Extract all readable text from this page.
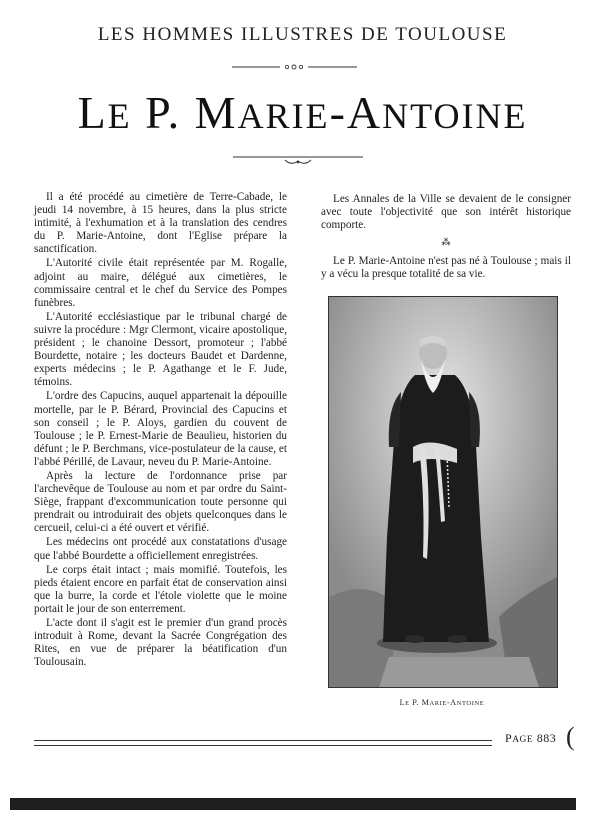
LES HOMMES ILLUSTRES DE TOULOUSE
LE P. MARIE-ANTOINE

Il a été procédé au cimetière de Terre-Cabade, le jeudi 14 novembre, à 15 heures, dans la plus stricte intimité, à l'exhumation et à la translation des cendres du P. Marie-Antoine, dont l'Eglise prépare la sanctification.

L'Autorité civile était représentée par M. Rogalle, adjoint au maire, délégué aux cimetières, le commissaire central et le chef du Service des Pompes funèbres.

L'Autorité ecclésiastique par le tribunal chargé de suivre la procédure : Mgr Clermont, vicaire apostolique, président ; le chanoine Dessort, promoteur ; l'abbé Bourdette, notaire ; les docteurs Baudet et Dardenne, experts médecins ; le P. Agathange et le F. Jude, témoins.

L'ordre des Capucins, auquel appartenait la dépouille mortelle, par le P. Bérard, Provincial des Capucins et son conseil ; le P. Aloys, gardien du couvent de Toulouse ; le P. Ernest-Marie de Beaulieu, historien du défunt ; le P. Berchmans, vice-postulateur de la cause, et l'abbé Périllé, de Lavaur, neveu du P. Marie-Antoine.

Après la lecture de l'ordonnance prise par l'archevêque de Toulouse au nom et par ordre du Saint-Siège, frappant d'excommunication toute personne qui prendrait ou introduirait des objets quelconques dans le cercueil, celui-ci a été ouvert et vérifié.

Les médecins ont procédé aux constatations d'usage que l'abbé Bourdette a officiellement enregistrées.

Le corps était intact ; mais momifié. Toutefois, les pieds étaient encore en parfait état de conservation ainsi que la burre, la corde et l'étole violette que le moine portait le jour de son enterrement.

L'acte dont il s'agit est le premier d'un grand procès introduit à Rome, devant la Sacrée Congrégation des Rites, en vue de préparer la béatification d'un Toulousain.

Les Annales de la Ville se devaient de le consigner avec toute l'objectivité que son intérêt historique comporte.

⁂

Le P. Marie-Antoine n'est pas né à Toulouse ; mais il y a vécu la presque totalité de sa vie.

LE P. MARIE-ANTOINE
PAGE 883 (
